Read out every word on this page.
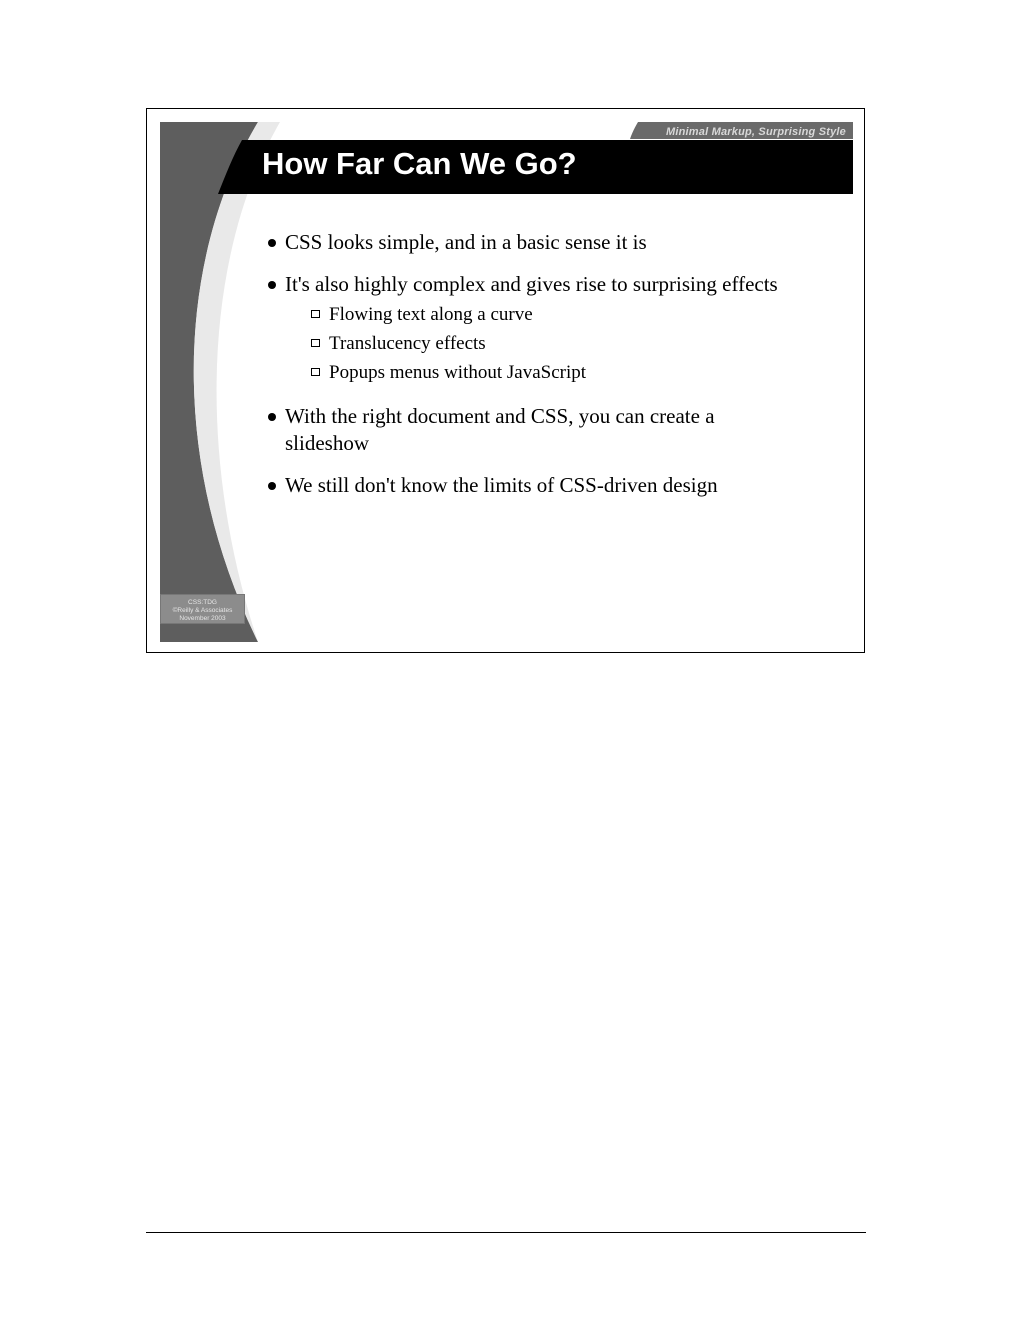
Minimal Markup, Surprising Style
How Far Can We Go?
CSS looks simple, and in a basic sense it is
It's also highly complex and gives rise to surprising effects
Flowing text along a curve
Translucency effects
Popups menus without JavaScript
With the right document and CSS, you can create a slideshow
We still don't know the limits of CSS-driven design
CSS:TDG
©Reilly & Associates
November 2003
